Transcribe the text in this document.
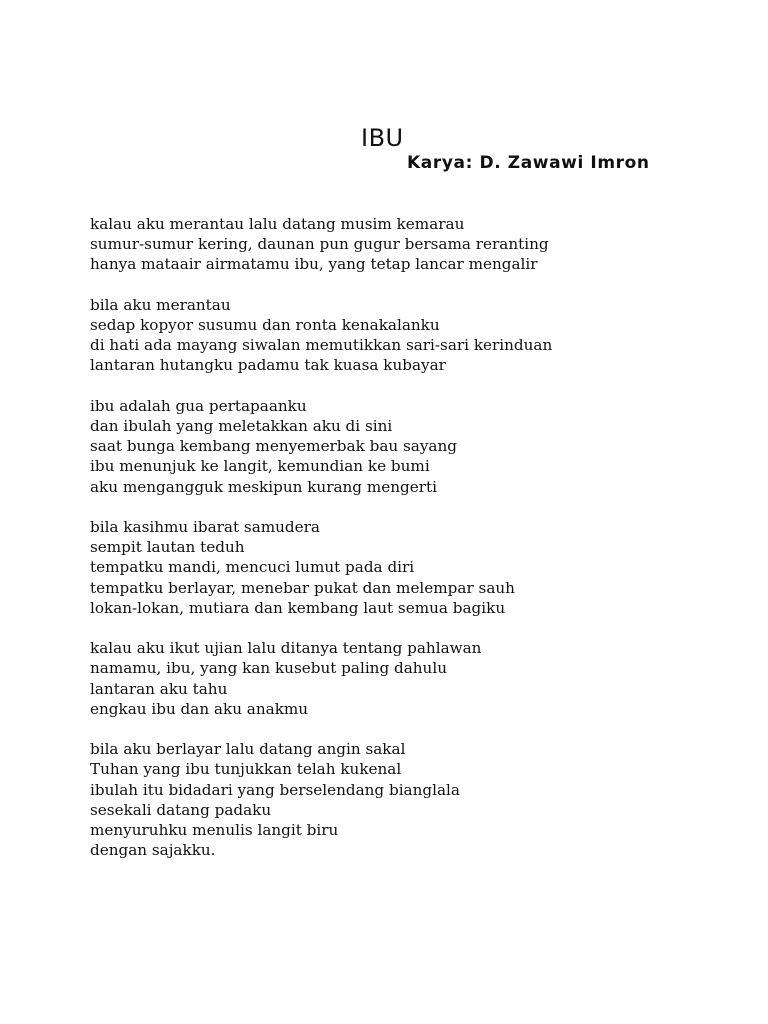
IBU
Karya: D. Zawawi Imron
kalau aku merantau lalu datang musim kemarau
sumur-sumur kering, daunan pun gugur bersama reranting
hanya mataair airmatamu ibu, yang tetap lancar mengalir
bila aku merantau
sedap kopyor susumu dan ronta kenakalanku
di hati ada mayang siwalan memutikkan sari-sari kerinduan
lantaran hutangku padamu tak kuasa kubayar
ibu adalah gua pertapaanku
dan ibulah yang meletakkan aku di sini
saat bunga kembang menyemerbak bau sayang
ibu menunjuk ke langit, kemundian ke bumi
aku mengangguk meskipun kurang mengerti
bila kasihmu ibarat samudera
sempit lautan teduh
tempatku mandi, mencuci lumut pada diri
tempatku berlayar, menebar pukat dan melempar sauh
lokan-lokan, mutiara dan kembang laut semua bagiku
kalau aku ikut ujian lalu ditanya tentang pahlawan
namamu, ibu, yang kan kusebut paling dahulu
lantaran aku tahu
engkau ibu dan aku anakmu
bila aku berlayar lalu datang angin sakal
Tuhan yang ibu tunjukkan telah kukenal
ibulah itu bidadari yang berselendang bianglala
sesekali datang padaku
menyuruhku menulis langit biru
dengan sajakku.
